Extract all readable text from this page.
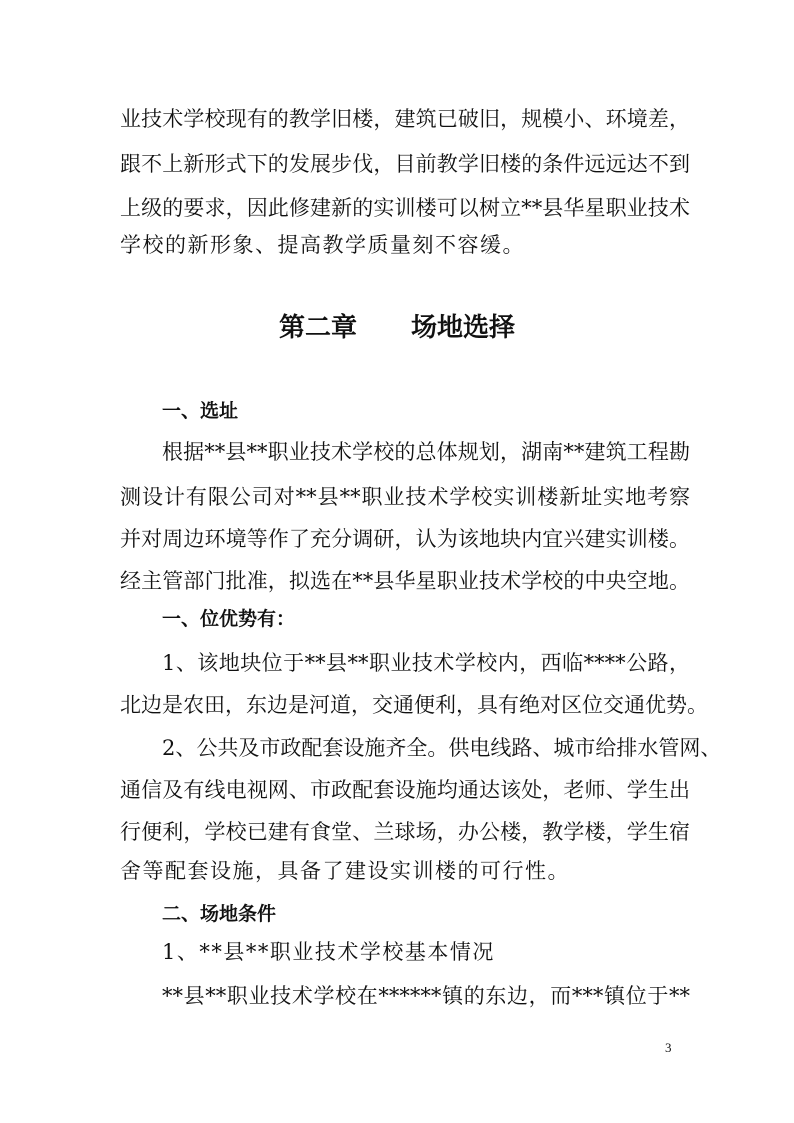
业技术学校现有的教学旧楼，建筑已破旧，规模小、环境差，
跟不上新形式下的发展步伐，目前教学旧楼的条件远远达不到
上级的要求，因此修建新的实训楼可以树立**县华星职业技术
学校的新形象、提高教学质量刻不容缓。
第二章 场地选择
一、选址
根据**县**职业技术学校的总体规划，湖南**建筑工程勘
测设计有限公司对**县**职业技术学校实训楼新址实地考察
并对周边环境等作了充分调研，认为该地块内宜兴建实训楼。
经主管部门批准，拟选在**县华星职业技术学校的中央空地。
一、位优势有：
1、该地块位于**县**职业技术学校内，西临****公路，
北边是农田，东边是河道，交通便利，具有绝对区位交通优势。
2、公共及市政配套设施齐全。供电线路、城市给排水管网、
通信及有线电视网、市政配套设施均通达该处，老师、学生出
行便利，学校已建有食堂、兰球场，办公楼，教学楼，学生宿
舍等配套设施，具备了建设实训楼的可行性。
二、场地条件
1、**县**职业技术学校基本情况
**县**职业技术学校在******镇的东边，而***镇位于**
3
